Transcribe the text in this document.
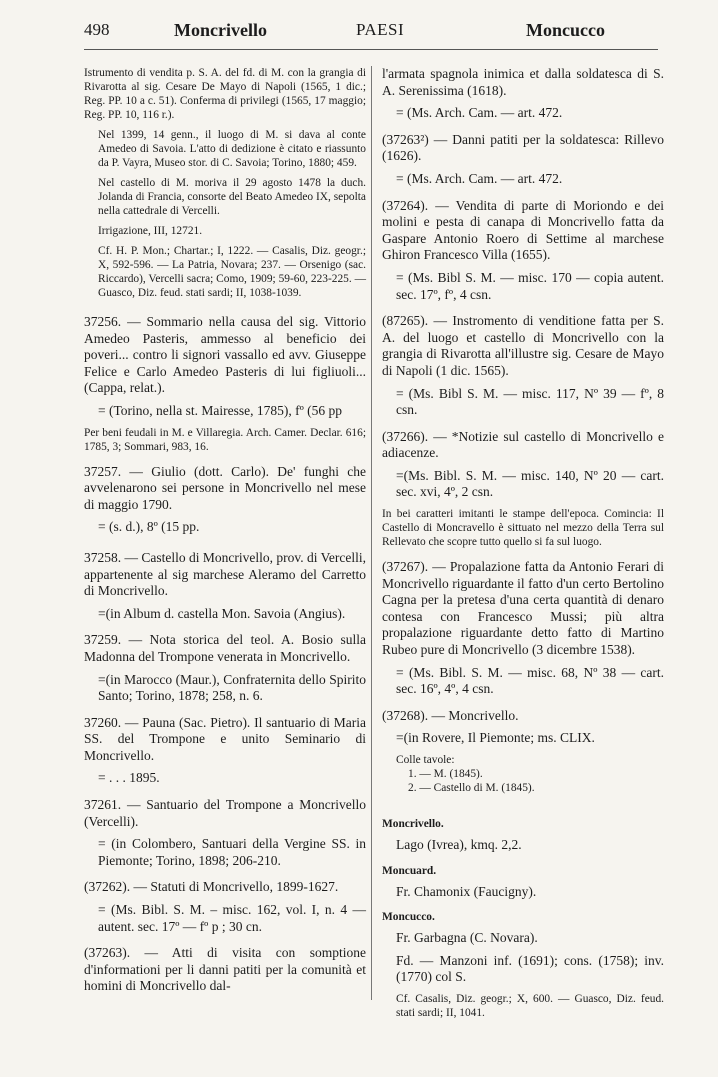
498	Moncrivello	PAESI	Moncucco

Istrumento di vendita p. S. A. del fd. di M. con la grangia di Rivarotta al sig. Cesare De Mayo di Napoli (1565, 1 dic.; Reg. PP. 10 a c. 51). Conferma di privilegi (1565, 17 maggio; Reg. PP. 10, 116 r.).

Nel 1399, 14 genn., il luogo di M. si dava al conte Amedeo di Savoia. L'atto di dedizione è citato e riassunto da P. Vayra, Museo stor. di C. Savoia; Torino, 1880; 459.

Nel castello di M. moriva il 29 agosto 1478 la duch. Jolanda di Francia, consorte del Beato Amedeo IX, sepolta nella cattedrale di Vercelli.

Irrigazione, III, 12721.

Cf. H. P. Mon.; Chartar.; I, 1222. — Casalis, Diz. geogr.; X, 592-596. — La Patria, Novara; 237. — Orsenigo (sac. Riccardo), Vercelli sacra; Como, 1909; 59-60, 223-225. — Guasco, Diz. feud. stati sardi; II, 1038-1039.

37256. — Sommario nella causa del sig. Vittorio Amedeo Pasteris, ammesso al beneficio dei poveri... contro li signori vassallo ed avv. Giuseppe Felice e Carlo Amedeo Pasteris di lui figliuoli... (Cappa, relat.).

= (Torino, nella st. Mairesse, 1785), fº (56 pp

Per beni feudali in M. e Villaregia. Arch. Camer. Declar. 616; 1785, 3; Sommari, 983, 16.

37257. — Giulio (dott. Carlo). De' funghi che avvelenarono sei persone in Moncrivello nel mese di maggio 1790.

= (s. d.), 8º (15 pp.

37258. — Castello di Moncrivello, prov. di Vercelli, appartenente al sig marchese Aleramo del Carretto di Moncrivello.

=(in Album d. castella Mon. Savoia (Angius).

37259. — Nota storica del teol. A. Bosio sulla Madonna del Trompone venerata in Moncrivello.

=(in Marocco (Maur.), Confraternita dello Spirito Santo; Torino, 1878; 258, n. 6.

37260. — Pauna (Sac. Pietro). Il santuario di Maria SS. del Trompone e unito Seminario di Moncrivello.

= . . . 1895.

37261. — Santuario del Trompone a Moncrivello (Vercelli).

= (in Colombero, Santuari della Vergine SS. in Piemonte; Torino, 1898; 206-210.

(37262). — Statuti di Moncrivello, 1899-1627.

= (Ms. Bibl. S. M. – misc. 162, vol. I, n. 4 — autent. sec. 17º — fº p ; 30 cn.

(37263). — Atti di visita con somptione d'informationi per li danni patiti per la comunità et homini di Moncrivello dal-

l'armata spagnola inimica et dalla soldatesca di S. A. Serenissima (1618).

= (Ms. Arch. Cam. — art. 472.

(37263²) — Danni patiti per la soldatesca: Rillevo (1626).

= (Ms. Arch. Cam. — art. 472.

(37264). — Vendita di parte di Moriondo e dei molini e pesta di canapa di Moncrivello fatta da Gaspare Antonio Roero di Settime al marchese Ghiron Francesco Villa (1655).

= (Ms. Bibl S. M. — misc. 170 — copia autent. sec. 17º, fº, 4 csn.

(87265). — Instromento di venditione fatta per S. A. del luogo et castello di Moncrivello con la grangia di Rivarotta all'illustre sig. Cesare de Mayo di Napoli (1 dic. 1565).

= (Ms. Bibl S. M. — misc. 117, Nº 39 — fº, 8 csn.

(37266). — *Notizie sul castello di Moncrivello e adiacenze.

=(Ms. Bibl. S. M. — misc. 140, Nº 20 — cart. sec. xvi, 4º, 2 csn.

In bei caratteri imitanti le stampe dell'epoca. Comincia: Il Castello di Moncravello è sittuato nel mezzo della Terra sul Rellevato che scopre tutto quello si fa sul luogo.

(37267). — Propalazione fatta da Antonio Ferari di Moncrivello riguardante il fatto d'un certo Bertolino Cagna per la pretesa d'una certa quantità di denaro contesa con Francesco Mussi; più altra propalazione riguardante detto fatto di Martino Rubeo pure di Moncrivello (3 dicembre 1538).

= (Ms. Bibl. S. M. — misc. 68, Nº 38 — cart. sec. 16º, 4º, 4 csn.

(37268). — Moncrivello.

=(in Rovere, Il Piemonte; ms. CLIX.

Colle tavole:

1. — M. (1845).

2. — Castello di M. (1845).

Moncrivello.

Lago (Ivrea), kmq. 2,2.

Moncuard.

Fr. Chamonix (Faucigny).

Moncucco.

Fr. Garbagna (C. Novara).

Fd. — Manzoni inf. (1691); cons. (1758); inv. (1770) col S.

Cf. Casalis, Diz. geogr.; X, 600. — Guasco, Diz. feud. stati sardi; II, 1041.
